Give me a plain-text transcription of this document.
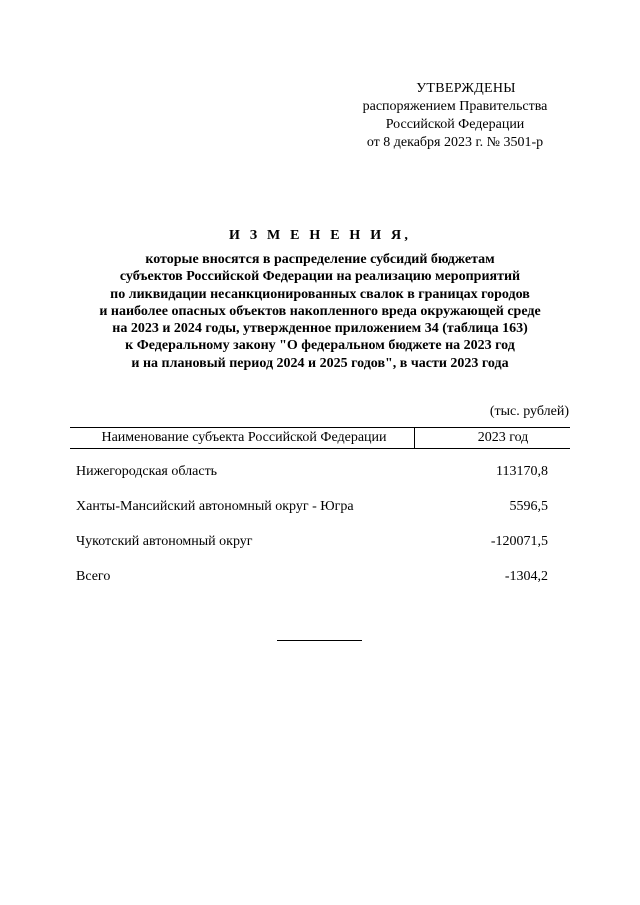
УТВЕРЖДЕНЫ
распоряжением Правительства
Российской Федерации
от 8 декабря 2023 г. № 3501-р
И З М Е Н Е Н И Я,
которые вносятся в распределение субсидий бюджетам
субъектов Российской Федерации на реализацию мероприятий
по ликвидации несанкционированных свалок в границах городов
и наиболее опасных объектов накопленного вреда окружающей среде
на 2023 и 2024 годы, утвержденное приложением 34 (таблица 163)
к Федеральному закону "О федеральном бюджете на 2023 год
и на плановый период 2024 и 2025 годов", в части 2023 года
(тыс. рублей)
Наименование субъекта Российской Федерации	2023 год
Нижегородская область	113170,8
Ханты-Мансийский автономный округ - Югра	5596,5
Чукотский автономный округ	-120071,5
Всего	-1304,2
